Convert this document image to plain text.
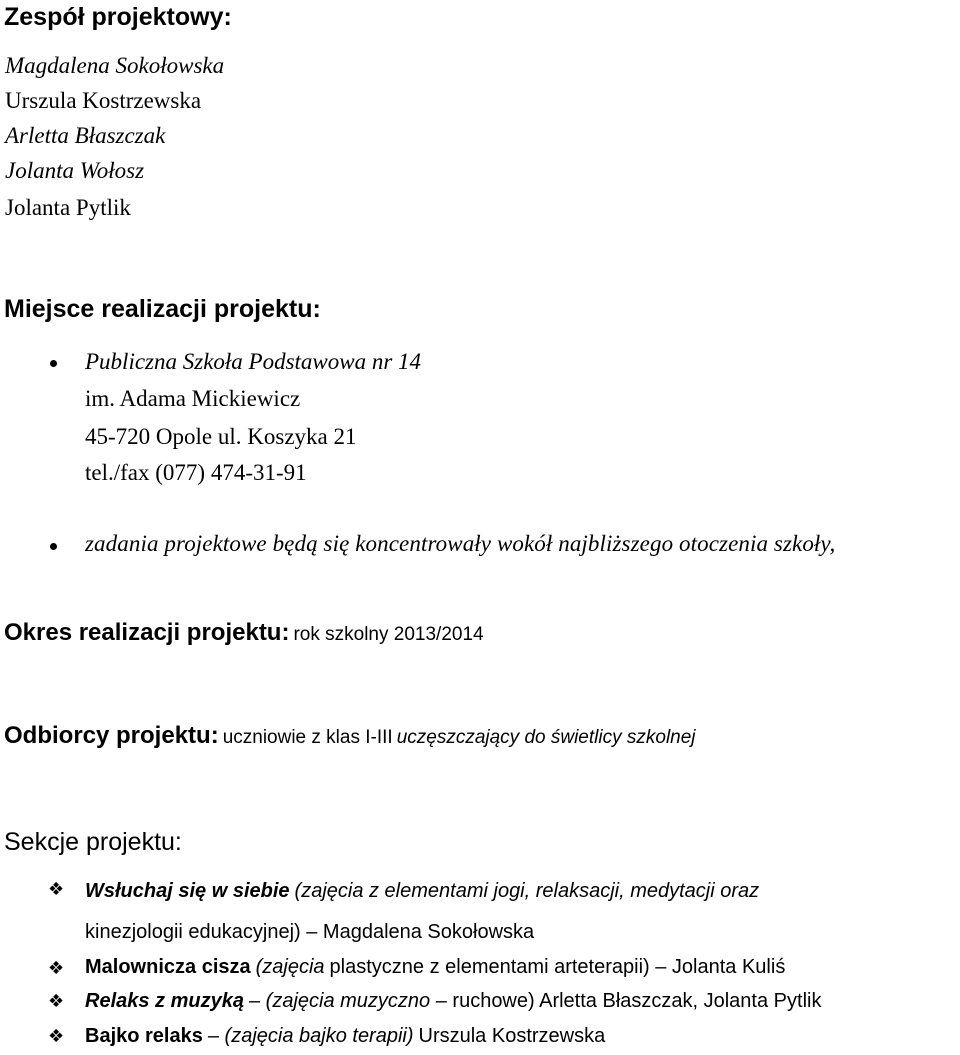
Zespół projektowy:
Magdalena Sokołowska
Urszula Kostrzewska
Arletta Błaszczak
Jolanta Wołosz
Jolanta Pytlik
Miejsce realizacji projektu:
Publiczna Szkoła Podstawowa nr 14
im. Adama Mickiewicz
45-720 Opole ul. Koszyka 21
tel./fax (077) 474-31-91
zadania projektowe będą się koncentrowały wokół najbliższego otoczenia szkoły,
Okres realizacji projektu: rok szkolny 2013/2014
Odbiorcy projektu: uczniowie z klas I-III uczęszczający do świetlicy szkolnej
Sekcje projektu:
❖ Wsłuchaj się w siebie (zajęcia z elementami jogi, relaksacji, medytacji oraz
kinezjologii edukacyjnej) – Magdalena Sokołowska
❖ Malownicza cisza (zajęcia plastyczne z elementami arteterapii) – Jolanta Kuliś
❖ Relaks z muzyką – (zajęcia muzyczno – ruchowe) Arletta Błaszczak, Jolanta Pytlik
❖ Bajko relaks – (zajęcia bajko terapii) Urszula Kostrzewska
